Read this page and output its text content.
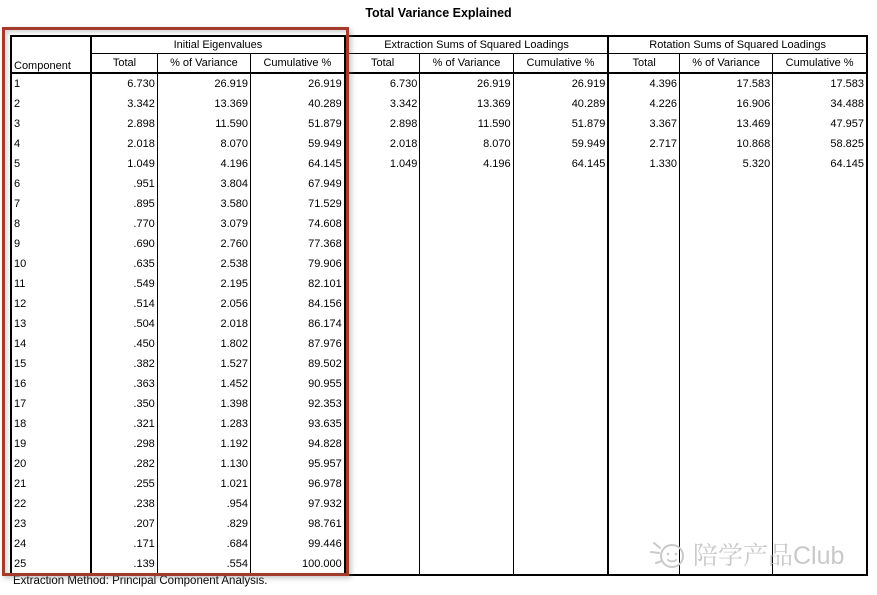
Total Variance Explained
Component	Initial Eigenvalues			Extraction Sums of Squared Loadings			Rotation Sums of Squared Loadings		
	Total	% of Variance	Cumulative %	Total	% of Variance	Cumulative %	Total	% of Variance	Cumulative %
1	6.730	26.919	26.919	6.730	26.919	26.919	4.396	17.583	17.583
2	3.342	13.369	40.289	3.342	13.369	40.289	4.226	16.906	34.488
3	2.898	11.590	51.879	2.898	11.590	51.879	3.367	13.469	47.957
4	2.018	8.070	59.949	2.018	8.070	59.949	2.717	10.868	58.825
5	1.049	4.196	64.145	1.049	4.196	64.145	1.330	5.320	64.145
6	.951	3.804	67.949						
7	.895	3.580	71.529						
8	.770	3.079	74.608						
9	.690	2.760	77.368						
10	.635	2.538	79.906						
11	.549	2.195	82.101						
12	.514	2.056	84.156						
13	.504	2.018	86.174						
14	.450	1.802	87.976						
15	.382	1.527	89.502						
16	.363	1.452	90.955						
17	.350	1.398	92.353						
18	.321	1.283	93.635						
19	.298	1.192	94.828						
20	.282	1.130	95.957						
21	.255	1.021	96.978						
22	.238	.954	97.932						
23	.207	.829	98.761						
24	.171	.684	99.446						
25	.139	.554	100.000						
Extraction Method: Principal Component Analysis.
陪学产品Club
